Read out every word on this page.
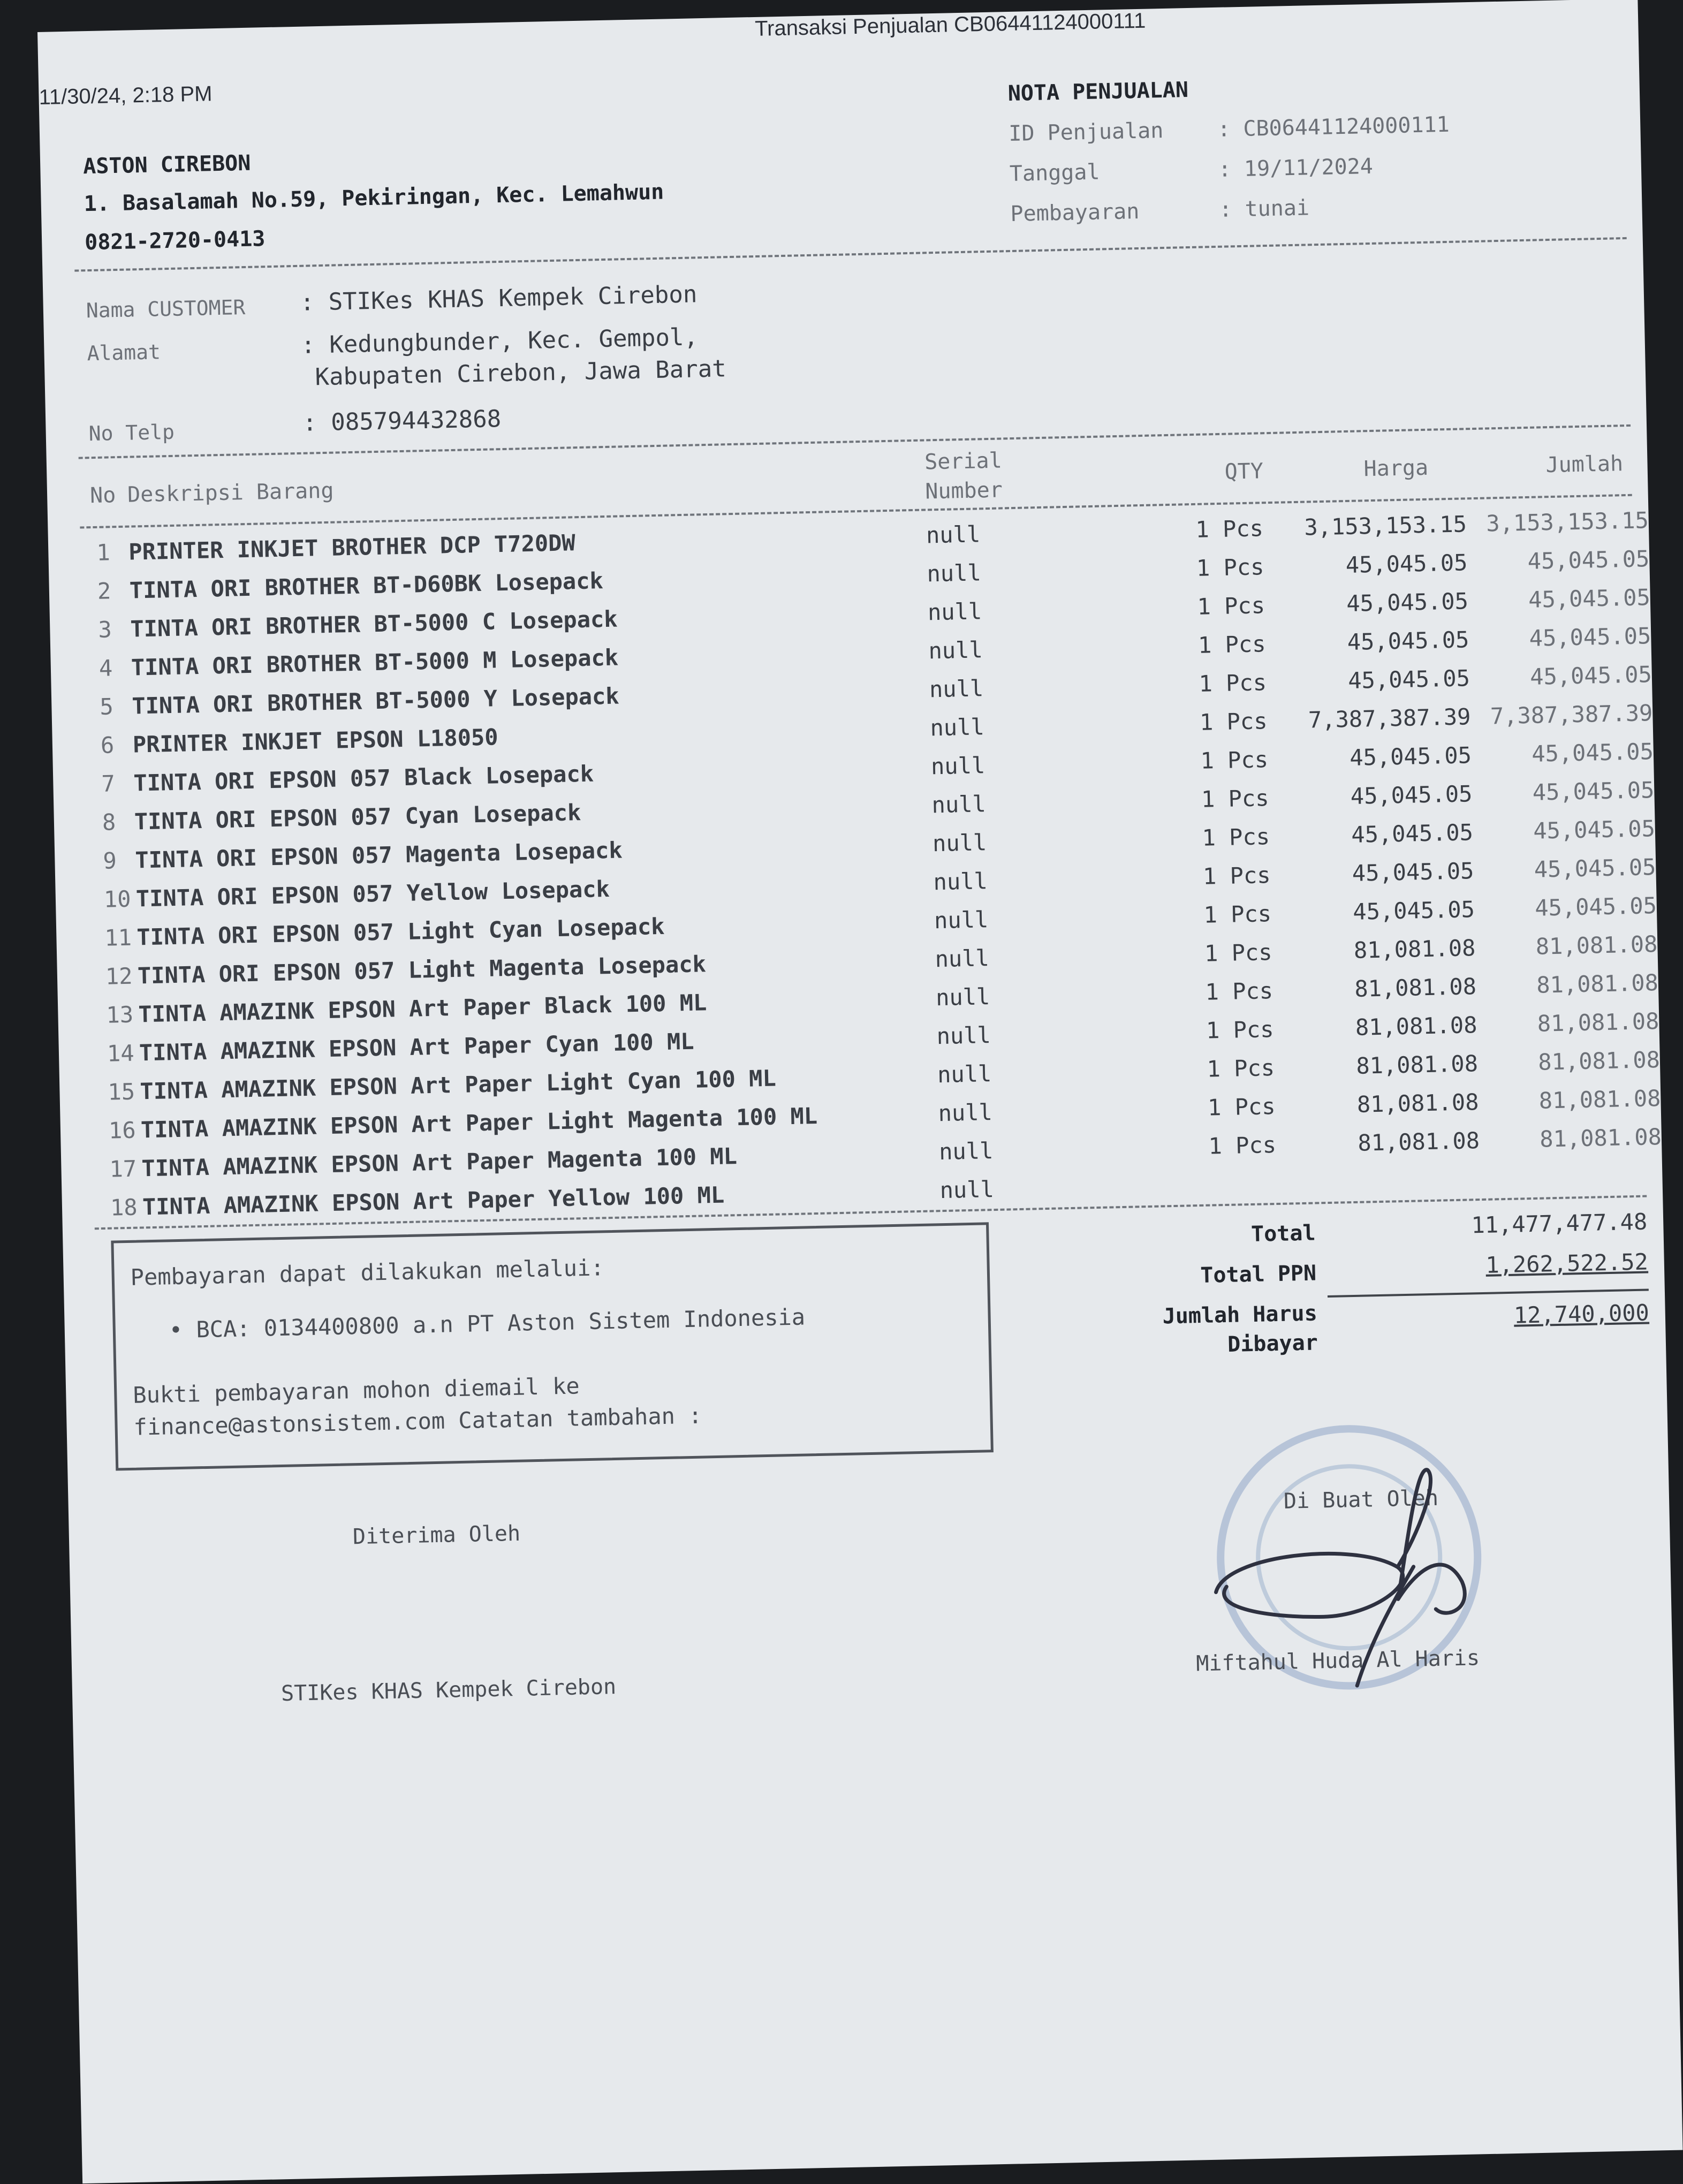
Transaksi Penjualan CB06441124000111
11/30/24, 2:18 PM
ASTON CIREBON
1. Basalamah No.59, Pekiringan, Kec. Lemahwun
0821-2720-0413
NOTA PENJUALAN
ID Penjualan	: CB06441124000111
Tanggal	: 19/11/2024
Pembayaran	: tunai
Nama CUSTOMER : STIKes KHAS Kempek Cirebon
Alamat	: Kedungbunder, Kec. Gempol,
Kabupaten Cirebon, Jawa Barat
No Telp	: 085794432868
No Deskripsi Barang
Serial
Number
QTY	Harga	Jumlah
1 PRINTER INKJET BROTHER DCP T720DW	null	1 Pcs	3,153,153.15 3,153,153.15
2 TINTA ORI BROTHER BT-D60BK Losepack	null	1 Pcs	45,045.05	45,045.05
3 TINTA ORI BROTHER BT-5000 C Losepack	null	1 Pcs	45,045.05	45,045.05
4 TINTA ORI BROTHER BT-5000 M Losepack	null	1 Pcs	45,045.05	45,045.05
5 TINTA ORI BROTHER BT-5000 Y Losepack	null	1 Pcs	45,045.05	45,045.05
6 PRINTER INKJET EPSON L18050	null	1 Pcs	7,387,387.39 7,387,387.39
7 TINTA ORI EPSON 057 Black Losepack	null	1 Pcs	45,045.05	45,045.05
8 TINTA ORI EPSON 057 Cyan Losepack	null	1 Pcs	45,045.05	45,045.05
9 TINTA ORI EPSON 057 Magenta Losepack	null	1 Pcs	45,045.05	45,045.05
10 TINTA ORI EPSON 057 Yellow Losepack	null	1 Pcs	45,045.05	45,045.05
11 TINTA ORI EPSON 057 Light Cyan Losepack	null	1 Pcs	45,045.05	45,045.05
12 TINTA ORI EPSON 057 Light Magenta Losepack	null	1 Pcs	81,081.08	81,081.08
13 TINTA AMAZINK EPSON Art Paper Black 100 ML	null	1 Pcs	81,081.08	81,081.08
14 TINTA AMAZINK EPSON Art Paper Cyan 100 ML	null	1 Pcs	81,081.08	81,081.08
15 TINTA AMAZINK EPSON Art Paper Light Cyan 100 ML	null	1 Pcs	81,081.08	81,081.08
16 TINTA AMAZINK EPSON Art Paper Light Magenta 100 ML	null	1 Pcs	81,081.08	81,081.08
17 TINTA AMAZINK EPSON Art Paper Magenta 100 ML	null	1 Pcs	81,081.08	81,081.08
18 TINTA AMAZINK EPSON Art Paper Yellow 100 ML	null
Pembayaran dapat dilakukan melalui:
• BCA: 0134400800 a.n PT Aston Sistem Indonesia
Bukti pembayaran mohon diemail ke
finance@astonsistem.com Catatan tambahan :
Total	11,477,477.48
Total PPN	1,262,522.52
Jumlah Harus
Dibayar
12,740,000
Diterima Oleh
STIKes KHAS Kempek Cirebon
Di Buat Oleh
Miftahul Huda Al Haris
